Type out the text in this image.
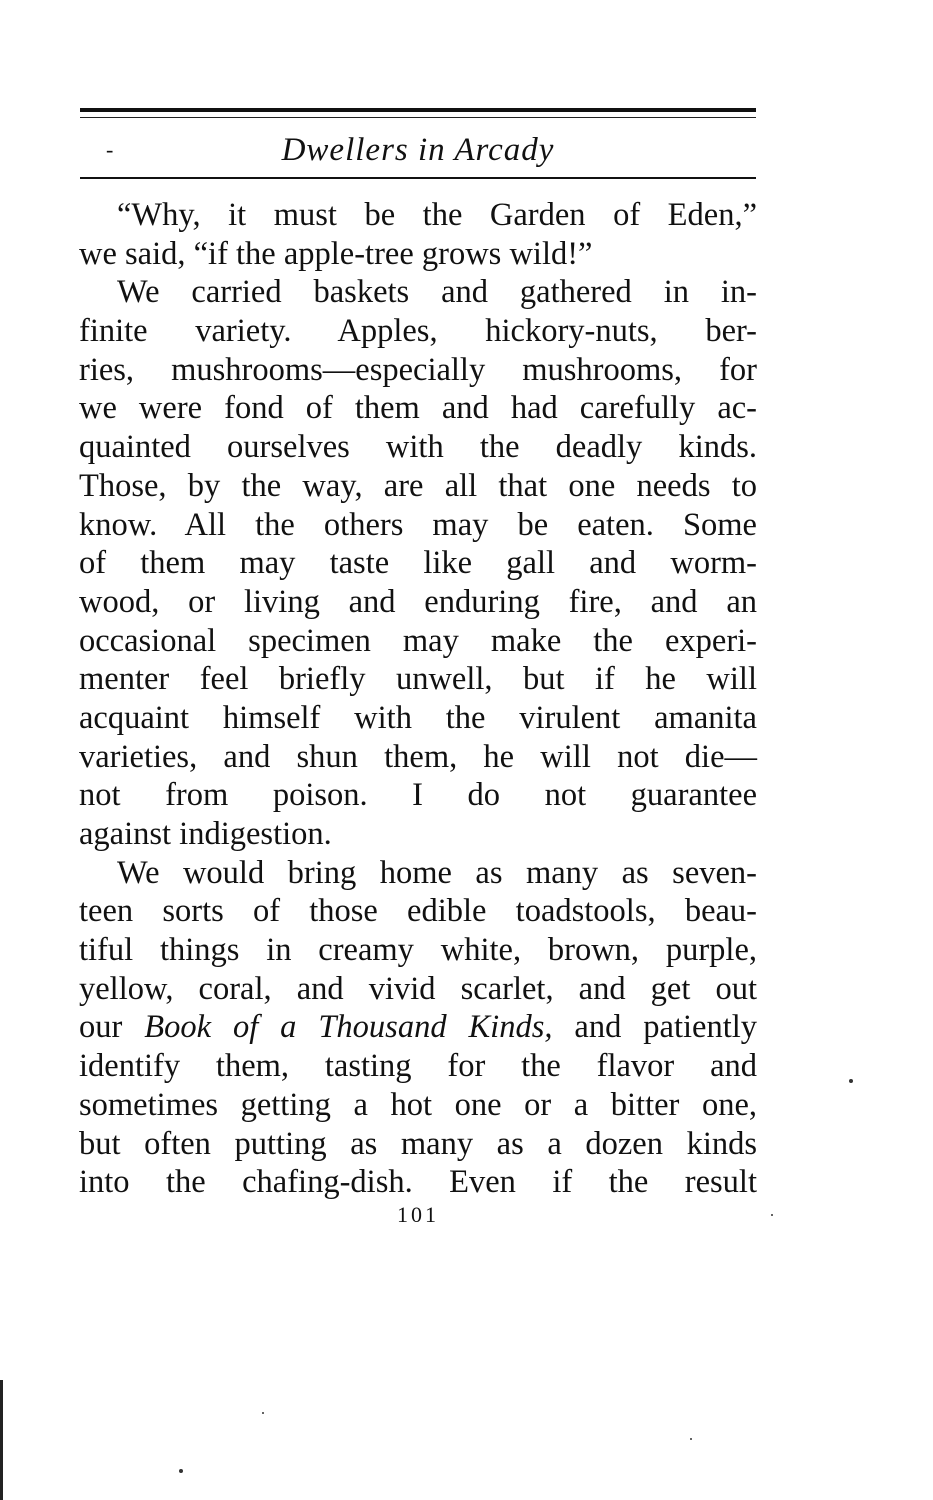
-	Dwellers in Arcady
“Why, it must be the Garden of Eden,”
we said, “if the apple-tree grows wild!”
We carried baskets and gathered in in-
finite variety. Apples, hickory-nuts, ber-
ries, mushrooms—especially mushrooms, for
we were fond of them and had carefully ac-
quainted ourselves with the deadly kinds.
Those, by the way, are all that one needs to
know. All the others may be eaten. Some
of them may taste like gall and worm-
wood, or living and enduring fire, and an
occasional specimen may make the experi-
menter feel briefly unwell, but if he will
acquaint himself with the virulent amanita
varieties, and shun them, he will not die—
not from poison. I do not guarantee
against indigestion.
We would bring home as many as seven-
teen sorts of those edible toadstools, beau-
tiful things in creamy white, brown, purple,
yellow, coral, and vivid scarlet, and get out
our Book of a Thousand Kinds, and patiently
identify them, tasting for the flavor and
sometimes getting a hot one or a bitter one,
but often putting as many as a dozen kinds
into the chafing-dish. Even if the result
101
